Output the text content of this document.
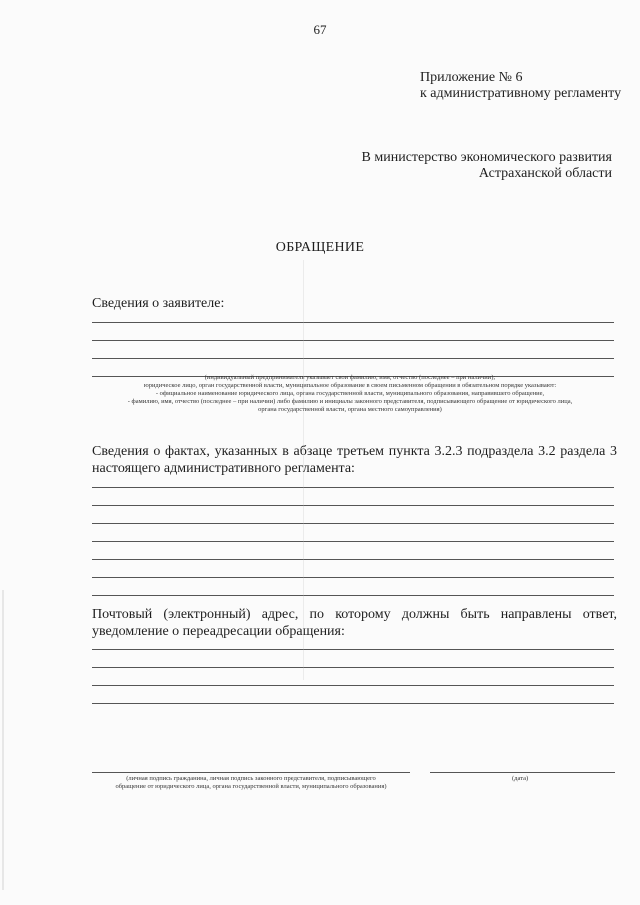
67
Приложение № 6
к административному регламенту
В министерство экономического развития
Астраханской области
ОБРАЩЕНИЕ
Сведения о заявителе:
(индивидуальный предприниматель указывает свои фамилию, имя, отчество (последнее – при наличии);
юридическое лицо, орган государственной власти, муниципальное образование в своем письменном обращении в обязательном порядке указывают:
- официальное наименование юридического лица, органа государственной власти, муниципального образования, направившего обращение,
- фамилию, имя, отчество (последнее – при наличии) либо фамилию и инициалы законного представителя, подписывающего обращение от юридического лица,
органа государственной власти, органа местного самоуправления)
Сведения о фактах, указанных в абзаце третьем пункта 3.2.3 подраздела 3.2 раздела 3 настоящего административного регламента:
Почтовый (электронный) адрес, по которому должны быть направлены ответ, уведомление о переадресации обращения:
(личная подпись гражданина, личная подпись законного представителя, подписывающего
обращение от юридического лица, органа государственной власти, муниципального образования)
(дата)
